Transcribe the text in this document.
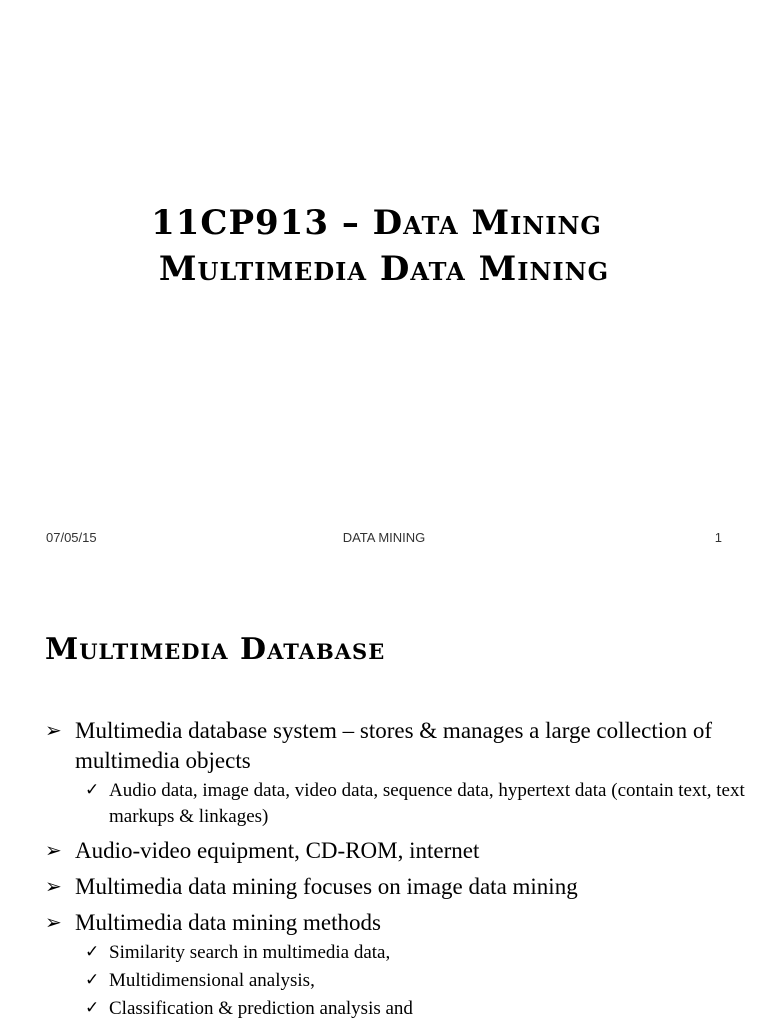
11CP913 – Data Mining
Multimedia Data Mining
07/05/15	DATA MINING	1
Multimedia Database
➢ Multimedia database system – stores & manages a large collection of multimedia objects
✓ Audio data, image data, video data, sequence data, hypertext data (contain text, text markups & linkages)
➢ Audio-video equipment, CD-ROM, internet
➢ Multimedia data mining focuses on image data mining
➢ Multimedia data mining methods
✓ Similarity search in multimedia data,
✓ Multidimensional analysis,
✓ Classification & prediction analysis and
